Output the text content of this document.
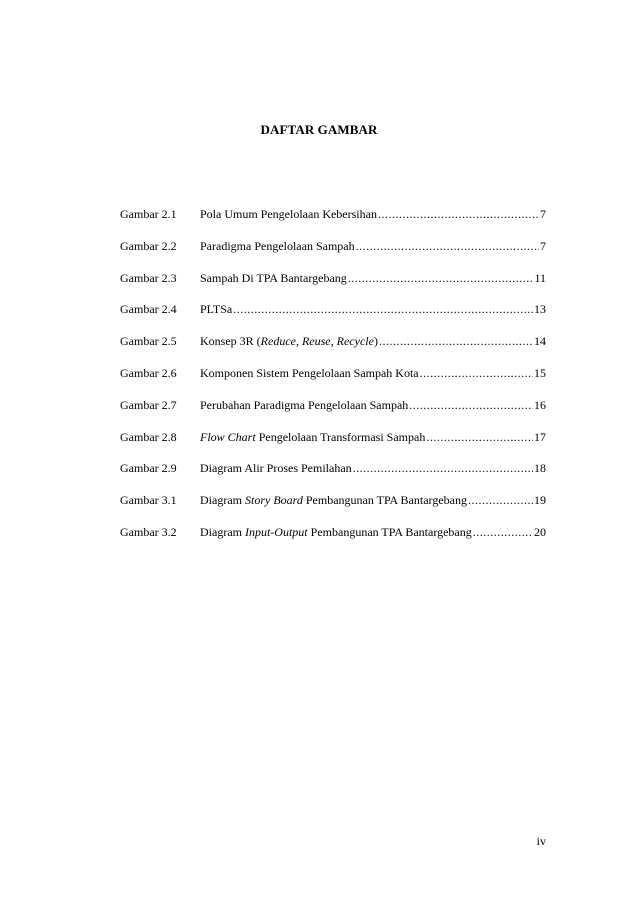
DAFTAR GAMBAR
Gambar 2.1	Pola Umum Pengelolaan Kebersihan .....	7
Gambar 2.2	Paradigma Pengelolaan Sampah .....	7
Gambar 2.3	Sampah Di TPA Bantargebang .....	11
Gambar 2.4	PLTSa .....	13
Gambar 2.5	Konsep 3R (Reduce, Reuse, Recycle) .....	14
Gambar 2.6	Komponen Sistem Pengelolaan Sampah Kota .....	15
Gambar 2.7	Perubahan Paradigma Pengelolaan Sampah .....	16
Gambar 2.8	Flow Chart Pengelolaan Transformasi Sampah .....	17
Gambar 2.9	Diagram Alir Proses Pemilahan .....	18
Gambar 3.1	Diagram Story Board Pembangunan TPA Bantargebang .....	19
Gambar 3.2	Diagram Input-Output Pembangunan TPA Bantargebang .....	20
iv
